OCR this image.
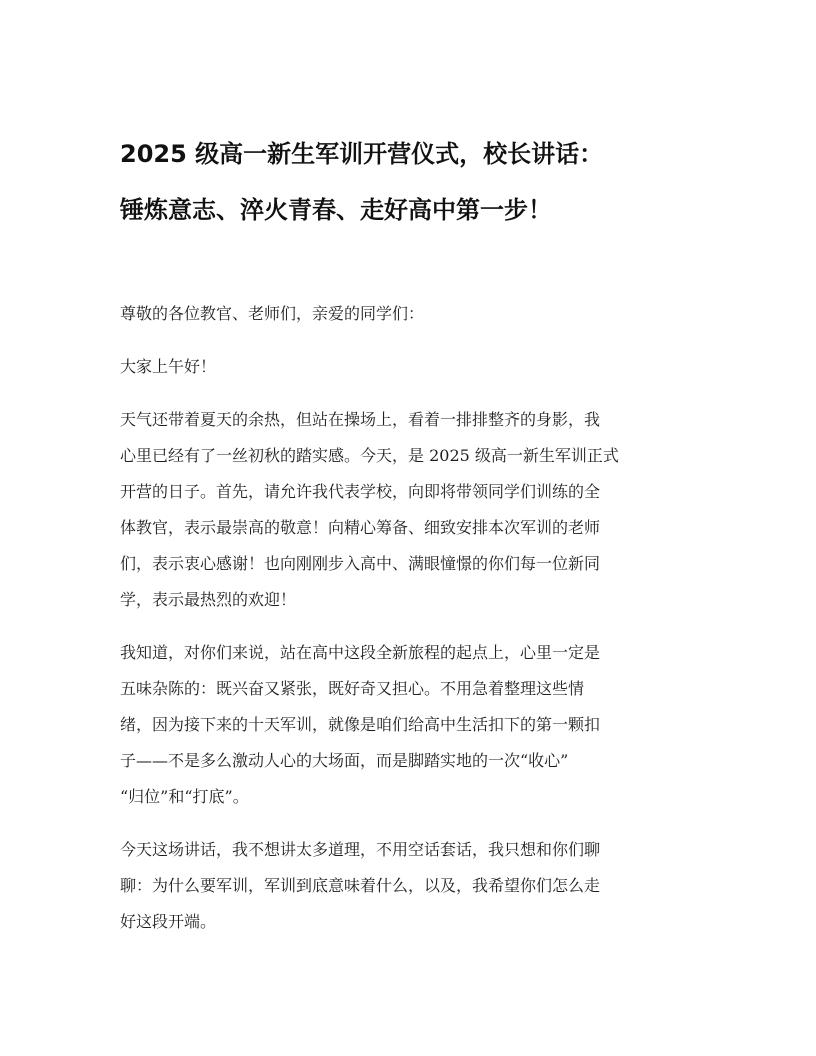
2025 级高一新生军训开营仪式，校长讲话：
锤炼意志、淬火青春、走好高中第一步！

尊敬的各位教官、老师们，亲爱的同学们：

大家上午好！

天气还带着夏天的余热，但站在操场上，看着一排排整齐的身影，我
心里已经有了一丝初秋的踏实感。今天，是 2025 级高一新生军训正式
开营的日子。首先，请允许我代表学校，向即将带领同学们训练的全
体教官，表示最崇高的敬意！向精心筹备、细致安排本次军训的老师
们，表示衷心感谢！也向刚刚步入高中、满眼憧憬的你们每一位新同
学，表示最热烈的欢迎！

我知道，对你们来说，站在高中这段全新旅程的起点上，心里一定是
五味杂陈的：既兴奋又紧张，既好奇又担心。不用急着整理这些情
绪，因为接下来的十天军训，就像是咱们给高中生活扣下的第一颗扣
子——不是多么激动人心的大场面，而是脚踏实地的一次“收心”
“归位”和“打底”。

今天这场讲话，我不想讲太多道理，不用空话套话，我只想和你们聊
聊：为什么要军训，军训到底意味着什么，以及，我希望你们怎么走
好这段开端。
